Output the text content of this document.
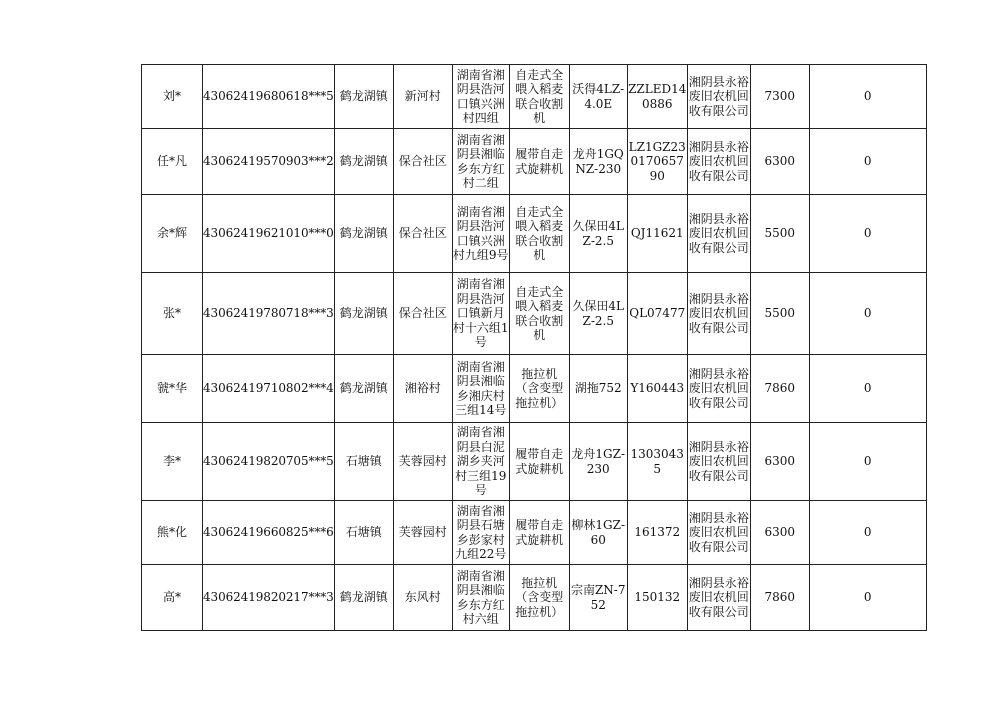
刘*	43062419680618***5	鹤龙湖镇	新河村	湖南省湘阴县浩河口镇兴洲村四组	自走式全喂入稻麦联合收割机	沃得4LZ-4.0E	ZZLED140886	湘阴县永裕废旧农机回收有限公司	7300	0
任*凡	43062419570903***2	鹤龙湖镇	保合社区	湖南省湘阴县湘临乡东方红村二组	履带自走式旋耕机	龙舟1GQNZ-230	LZ1GZ23017065790	湘阴县永裕废旧农机回收有限公司	6300	0
余*辉	43062419621010***0	鹤龙湖镇	保合社区	湖南省湘阴县浩河口镇兴洲村九组9号	自走式全喂入稻麦联合收割机	久保田4LZ-2.5	QJ11621	湘阴县永裕废旧农机回收有限公司	5500	0
张*	43062419780718***3	鹤龙湖镇	保合社区	湖南省湘阴县浩河口镇新月村十六组1号	自走式全喂入稻麦联合收割机	久保田4LZ-2.5	QL07477	湘阴县永裕废旧农机回收有限公司	5500	0
虢*华	43062419710802***4	鹤龙湖镇	湘裕村	湖南省湘阴县湘临乡湘庆村三组14号	拖拉机（含变型拖拉机）	湖拖752	Y160443	湘阴县永裕废旧农机回收有限公司	7860	0
李*	43062419820705***5	石塘镇	芙蓉园村	湖南省湘阴县白泥湖乡夹河村三组19号	履带自走式旋耕机	龙舟1GZ-230	13030435	湘阴县永裕废旧农机回收有限公司	6300	0
熊*化	43062419660825***6	石塘镇	芙蓉园村	湖南省湘阴县石塘乡彭家村九组22号	履带自走式旋耕机	柳林1GZ-60	161372	湘阴县永裕废旧农机回收有限公司	6300	0
高*	43062419820217***3	鹤龙湖镇	东风村	湖南省湘阴县湘临乡东方红村六组	拖拉机（含变型拖拉机）	宗南ZN-752	150132	湘阴县永裕废旧农机回收有限公司	7860	0
